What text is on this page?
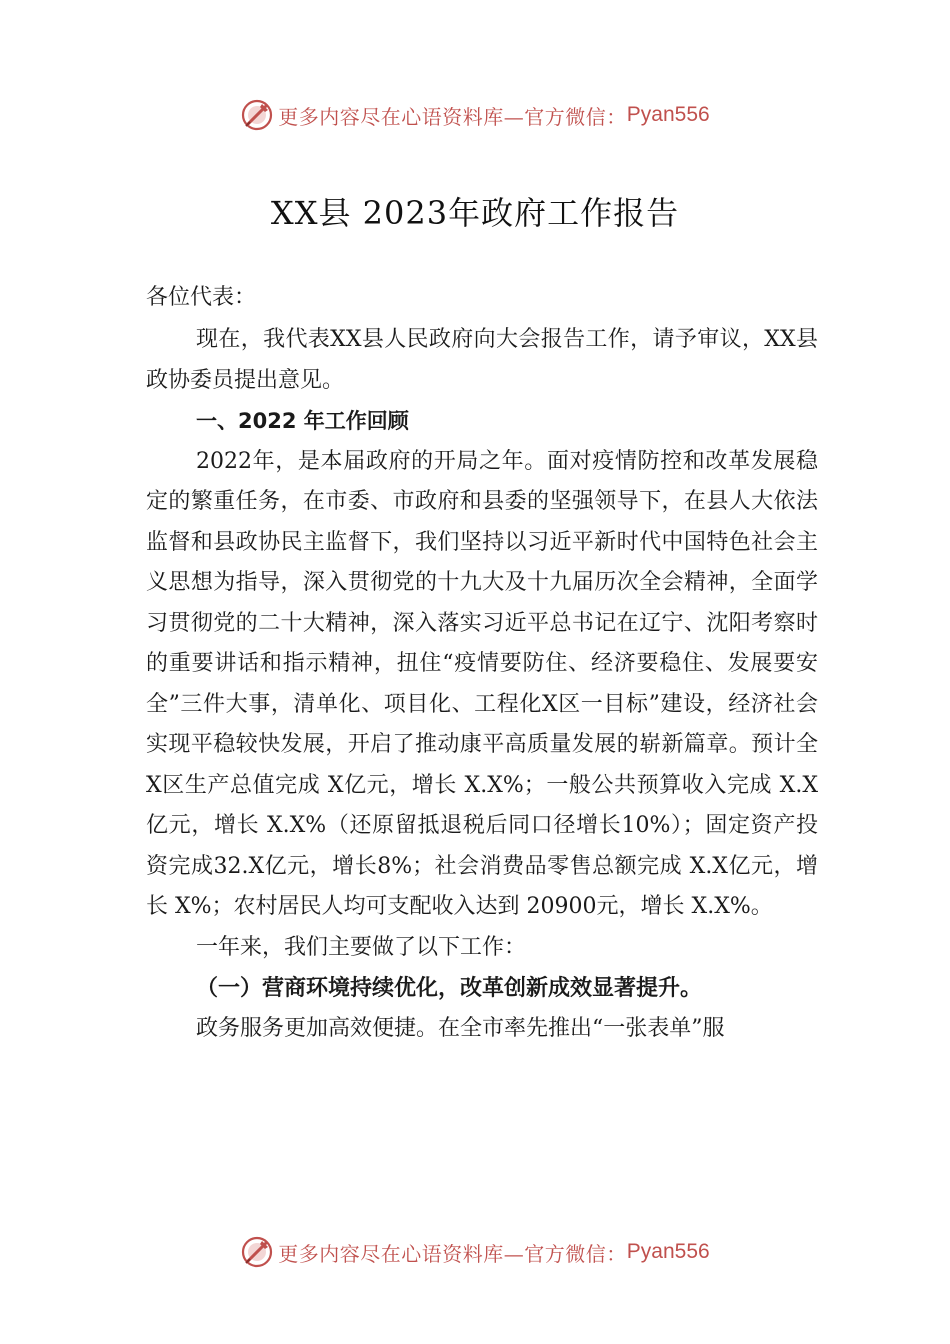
更多内容尽在心语资料库—官方微信： Pyan556
XX县 2023年政府工作报告

各位代表：

现在，我代表XX县人民政府向大会报告工作，请予审议，XX县政协委员提出意见。

一、2022 年工作回顾

2022年，是本届政府的开局之年。面对疫情防控和改革发展稳定的繁重任务，在市委、市政府和县委的坚强领导下，在县人大依法监督和县政协民主监督下，我们坚持以习近平新时代中国特色社会主义思想为指导，深入贯彻党的十九大及十九届历次全会精神，全面学习贯彻党的二十大精神，深入落实习近平总书记在辽宁、沈阳考察时的重要讲话和指示精神，扭住“疫情要防住、经济要稳住、发展要安全”三件大事，清单化、项目化、工程化X区一目标”建设，经济社会实现平稳较快发展，开启了推动康平高质量发展的崭新篇章。预计全X区生产总值完成 X亿元，增长 X.X%；一般公共预算收入完成 X.X亿元，增长 X.X%（还原留抵退税后同口径增长10%）；固定资产投资完成32.X亿元，增长8%；社会消费品零售总额完成 X.X亿元，增长 X%；农村居民人均可支配收入达到 20900元，增长 X.X%。

一年来，我们主要做了以下工作：

（一）营商环境持续优化，改革创新成效显著提升。

政务服务更加高效便捷。在全市率先推出“一张表单”服

更多内容尽在心语资料库—官方微信： Pyan556
